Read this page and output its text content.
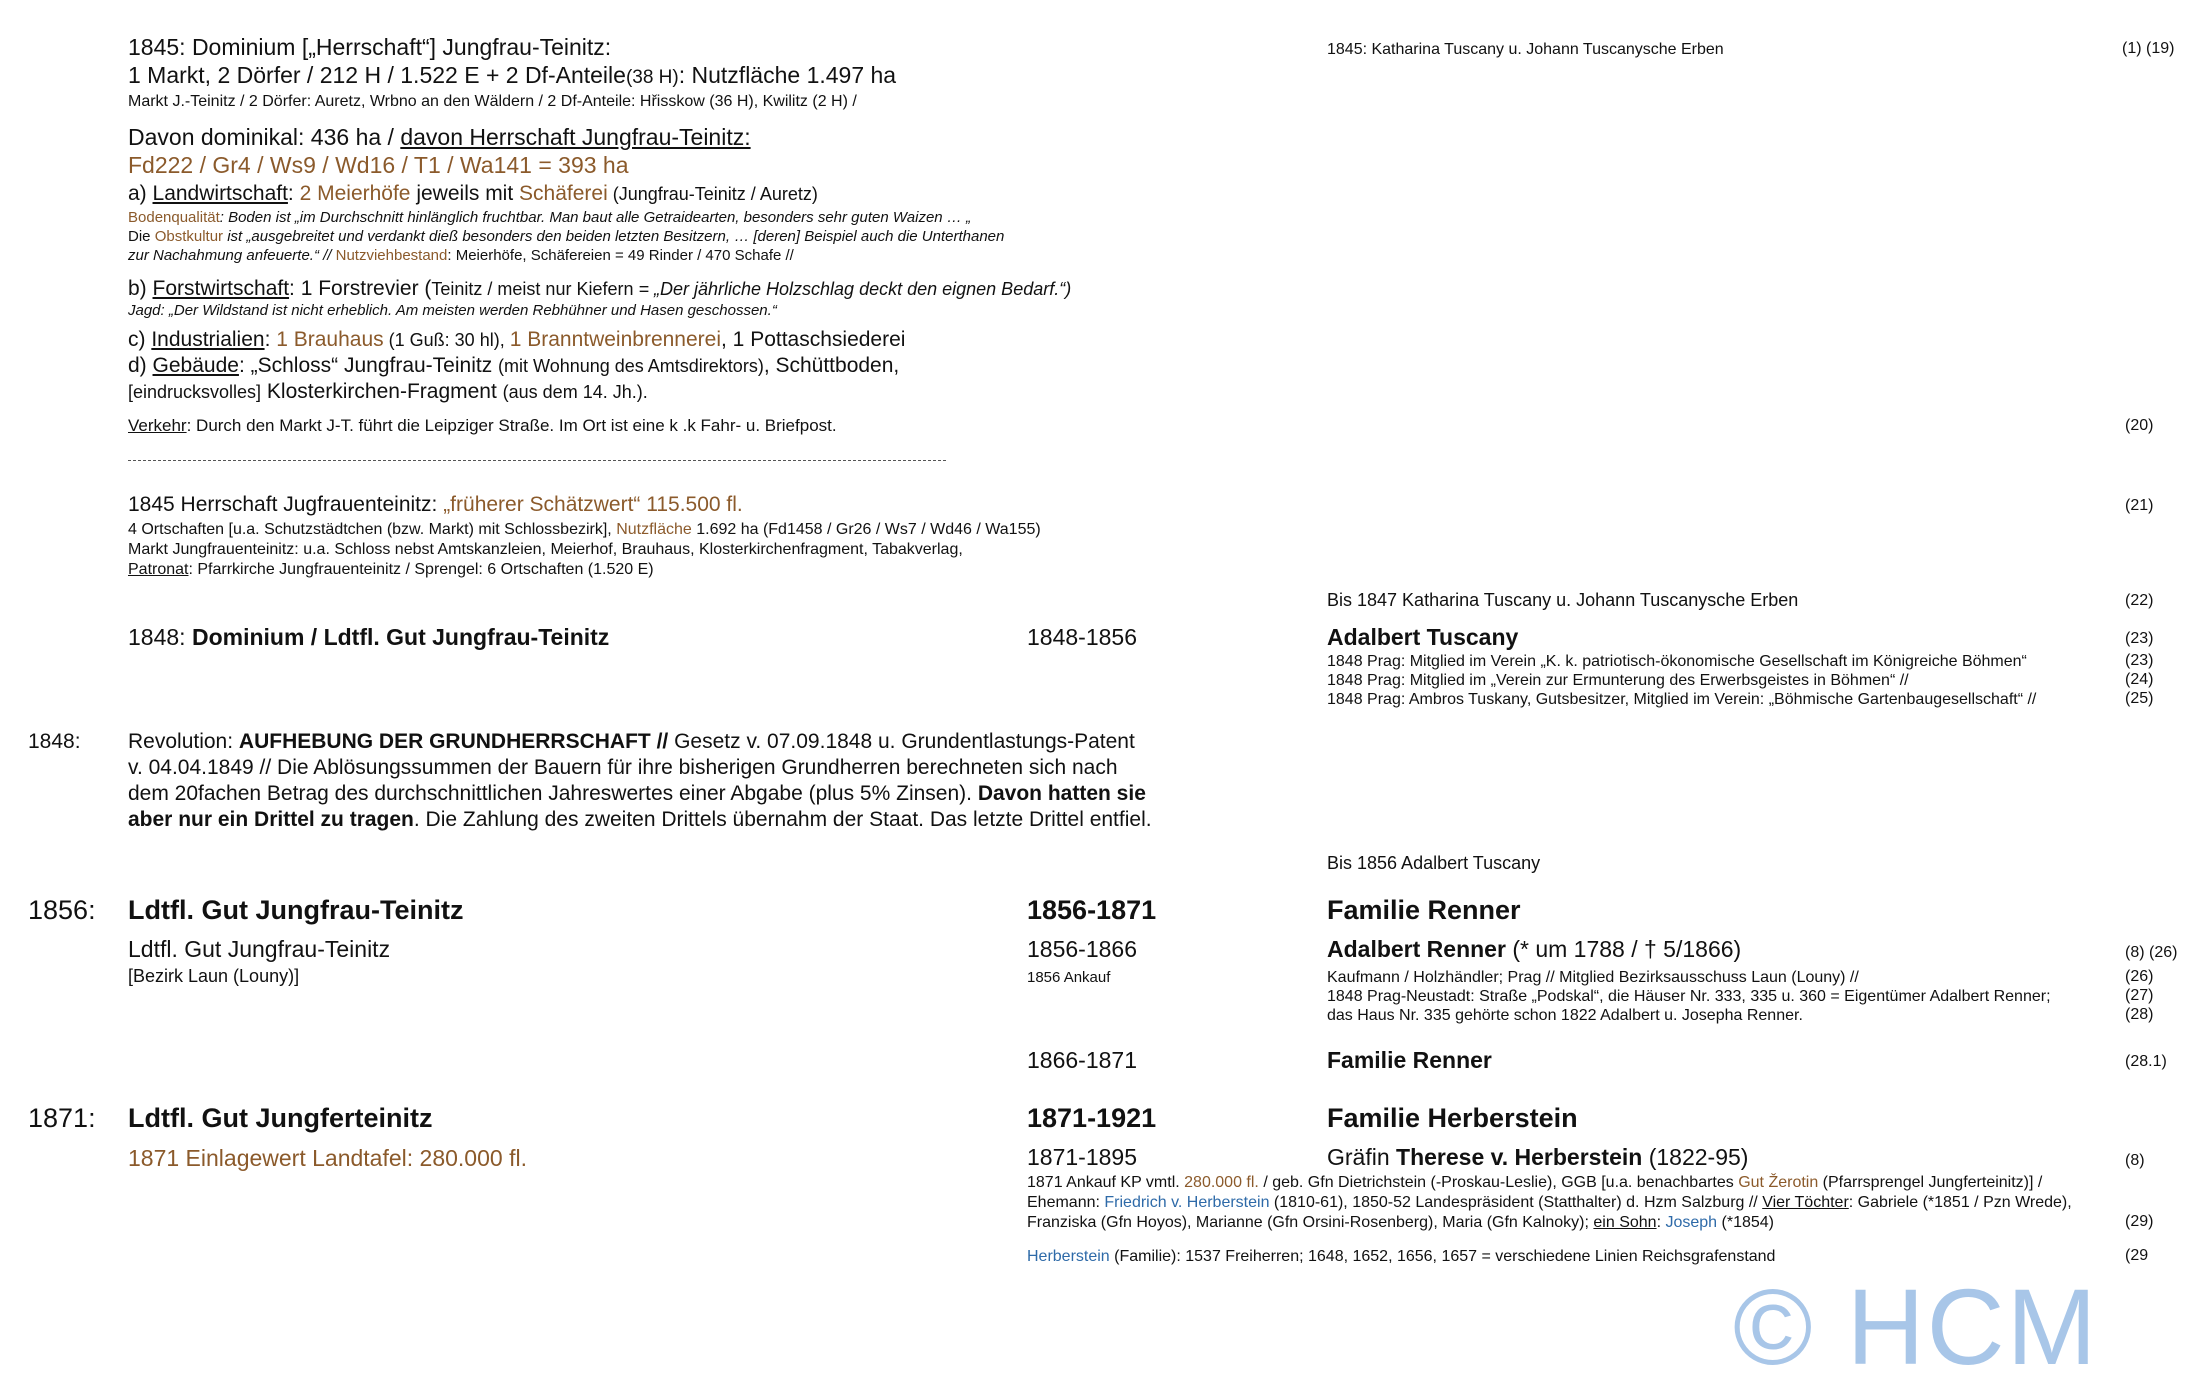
1845: Dominium [„Herrschaft“] Jungfrau-Teinitz:
1 Markt, 2 Dörfer / 212 H / 1.522 E + 2 Df-Anteile(38 H): Nutzfläche 1.497 ha
Markt J.-Teinitz / 2 Dörfer: Auretz, Wrbno an den Wäldern / 2 Df-Anteile: Hřisskow (36 H), Kwilitz (2 H) /
Davon dominikal: 436 ha / davon Herrschaft Jungfrau-Teinitz:
Fd222 / Gr4 / Ws9 / Wd16 / T1 / Wa141 = 393 ha
a) Landwirtschaft: 2 Meierhöfe jeweils mit Schäferei (Jungfrau-Teinitz / Auretz)
Bodenqualität: Boden ist „im Durchschnitt hinlänglich fruchtbar. Man baut alle Getraidearten, besonders sehr guten Waizen … „
Die Obstkultur ist „ausgebreitet und verdankt dieß besonders den beiden letzten Besitzern, … [deren] Beispiel auch die Unterthanen
zur Nachahmung anfeuerte.“ // Nutzviehbestand: Meierhöfe, Schäfereien = 49 Rinder / 470 Schafe //
b) Forstwirtschaft: 1 Forstrevier (Teinitz / meist nur Kiefern = „Der jährliche Holzschlag deckt den eignen Bedarf.“)
Jagd: „Der Wildstand ist nicht erheblich. Am meisten werden Rebhühner und Hasen geschossen.“
c) Industrialien: 1 Brauhaus (1 Guß: 30 hl), 1 Branntweinbrennerei, 1 Pottaschsiederei
d) Gebäude: „Schloss“ Jungfrau-Teinitz (mit Wohnung des Amtsdirektors), Schüttboden,
[eindrucksvolles] Klosterkirchen-Fragment (aus dem 14. Jh.).
Verkehr: Durch den Markt J-T. führt die Leipziger Straße. Im Ort ist eine k .k Fahr- u. Briefpost.
1845 Herrschaft Jugfrauenteinitz: „früherer Schätzwert“ 115.500 fl.
4 Ortschaften [u.a. Schutzstädtchen (bzw. Markt) mit Schlossbezirk], Nutzfläche 1.692 ha (Fd1458 / Gr26 / Ws7 / Wd46 / Wa155)
Markt Jungfrauenteinitz: u.a. Schloss nebst Amtskanzleien, Meierhof, Brauhaus, Klosterkirchenfragment, Tabakverlag,
Patronat: Pfarrkirche Jungfrauenteinitz / Sprengel: 6 Ortschaften (1.520 E)
1848: Dominium / Ldtfl. Gut Jungfrau-Teinitz
1848: Revolution: AUFHEBUNG DER GRUNDHERRSCHAFT // Gesetz v. 07.09.1848 u. Grundentlastungs-Patent
v. 04.04.1849 // Die Ablösungssummen der Bauern für ihre bisherigen Grundherren berechneten sich nach
dem 20fachen Betrag des durchschnittlichen Jahreswertes einer Abgabe (plus 5% Zinsen). Davon hatten sie
aber nur ein Drittel zu tragen. Die Zahlung des zweiten Drittels übernahm der Staat. Das letzte Drittel entfiel.
1856: Ldtfl. Gut Jungfrau-Teinitz
Ldtfl. Gut Jungfrau-Teinitz
[Bezirk Laun (Louny)]
1871: Ldtfl. Gut Jungferteinitz
1871 Einlagewert Landtafel: 280.000 fl.
1848-1856
1856-1871
1856-1866
1856 Ankauf
1866-1871
1871-1921
1871-1895
1871 Ankauf KP vmtl. 280.000 fl. / geb. Gfn Dietrichstein (-Proskau-Leslie), GGB [u.a. benachbartes Gut Žerotin (Pfarrsprengel Jungferteinitz)] /
Ehemann: Friedrich v. Herberstein (1810-61), 1850-52 Landespräsident (Statthalter) d. Hzm Salzburg // Vier Töchter: Gabriele (*1851 / Pzn Wrede),
Franziska (Gfn Hoyos), Marianne (Gfn Orsini-Rosenberg), Maria (Gfn Kalnoky); ein Sohn: Joseph (*1854)
Herberstein (Familie): 1537 Freiherren; 1648, 1652, 1656, 1657 = verschiedene Linien Reichsgrafenstand
1845: Katharina Tuscany u. Johann Tuscanysche Erben
Bis 1847 Katharina Tuscany u. Johann Tuscanysche Erben
Adalbert Tuscany
1848 Prag: Mitglied im Verein „K. k. patriotisch-ökonomische Gesellschaft im Königreiche Böhmen“
1848 Prag: Mitglied im „Verein zur Ermunterung des Erwerbsgeistes in Böhmen“ //
1848 Prag: Ambros Tuskany, Gutsbesitzer, Mitglied im Verein: „Böhmische Gartenbaugesellschaft“ //
Bis 1856 Adalbert Tuscany
Familie Renner
Adalbert Renner (* um 1788 / † 5/1866)
Kaufmann / Holzhändler; Prag // Mitglied Bezirksausschuss Laun (Louny) //
1848 Prag-Neustadt: Straße „Podskal“, die Häuser Nr. 333, 335 u. 360 = Eigentümer Adalbert Renner;
das Haus Nr. 335 gehörte schon 1822 Adalbert u. Josepha Renner.
Familie Renner
Familie Herberstein
Gräfin Therese v. Herberstein (1822-95)
(1) (19)
(20)
(21)
(22)
(23)
(23)
(24)
(25)
(8) (26)
(26)
(27)
(28)
(28.1)
(8)
(29)
(29
© HCM
